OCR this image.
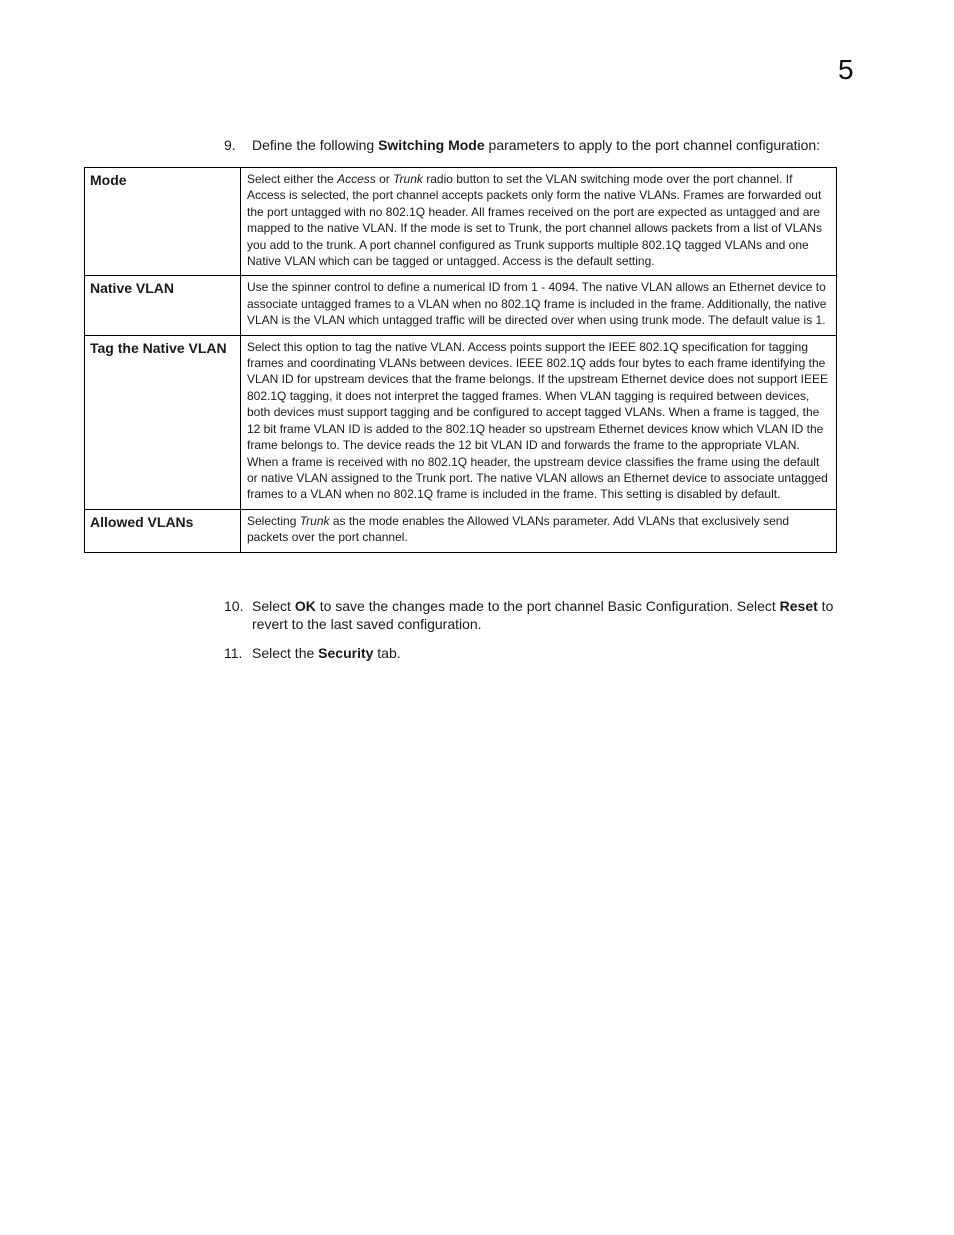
5
9. Define the following Switching Mode parameters to apply to the port channel configuration:
Mode	Select either the Access or Trunk radio button to set the VLAN switching mode over the port channel. If Access is selected, the port channel accepts packets only form the native VLANs. Frames are forwarded out the port untagged with no 802.1Q header. All frames received on the port are expected as untagged and are mapped to the native VLAN. If the mode is set to Trunk, the port channel allows packets from a list of VLANs you add to the trunk. A port channel configured as Trunk supports multiple 802.1Q tagged VLANs and one Native VLAN which can be tagged or untagged. Access is the default setting.
Native VLAN	Use the spinner control to define a numerical ID from 1 - 4094. The native VLAN allows an Ethernet device to associate untagged frames to a VLAN when no 802.1Q frame is included in the frame. Additionally, the native VLAN is the VLAN which untagged traffic will be directed over when using trunk mode. The default value is 1.
Tag the Native VLAN	Select this option to tag the native VLAN. Access points support the IEEE 802.1Q specification for tagging frames and coordinating VLANs between devices. IEEE 802.1Q adds four bytes to each frame identifying the VLAN ID for upstream devices that the frame belongs. If the upstream Ethernet device does not support IEEE 802.1Q tagging, it does not interpret the tagged frames. When VLAN tagging is required between devices, both devices must support tagging and be configured to accept tagged VLANs. When a frame is tagged, the 12 bit frame VLAN ID is added to the 802.1Q header so upstream Ethernet devices know which VLAN ID the frame belongs to. The device reads the 12 bit VLAN ID and forwards the frame to the appropriate VLAN. When a frame is received with no 802.1Q header, the upstream device classifies the frame using the default or native VLAN assigned to the Trunk port. The native VLAN allows an Ethernet device to associate untagged frames to a VLAN when no 802.1Q frame is included in the frame. This setting is disabled by default.
Allowed VLANs	Selecting Trunk as the mode enables the Allowed VLANs parameter. Add VLANs that exclusively send packets over the port channel.
10. Select OK to save the changes made to the port channel Basic Configuration. Select Reset to revert to the last saved configuration.
11. Select the Security tab.
